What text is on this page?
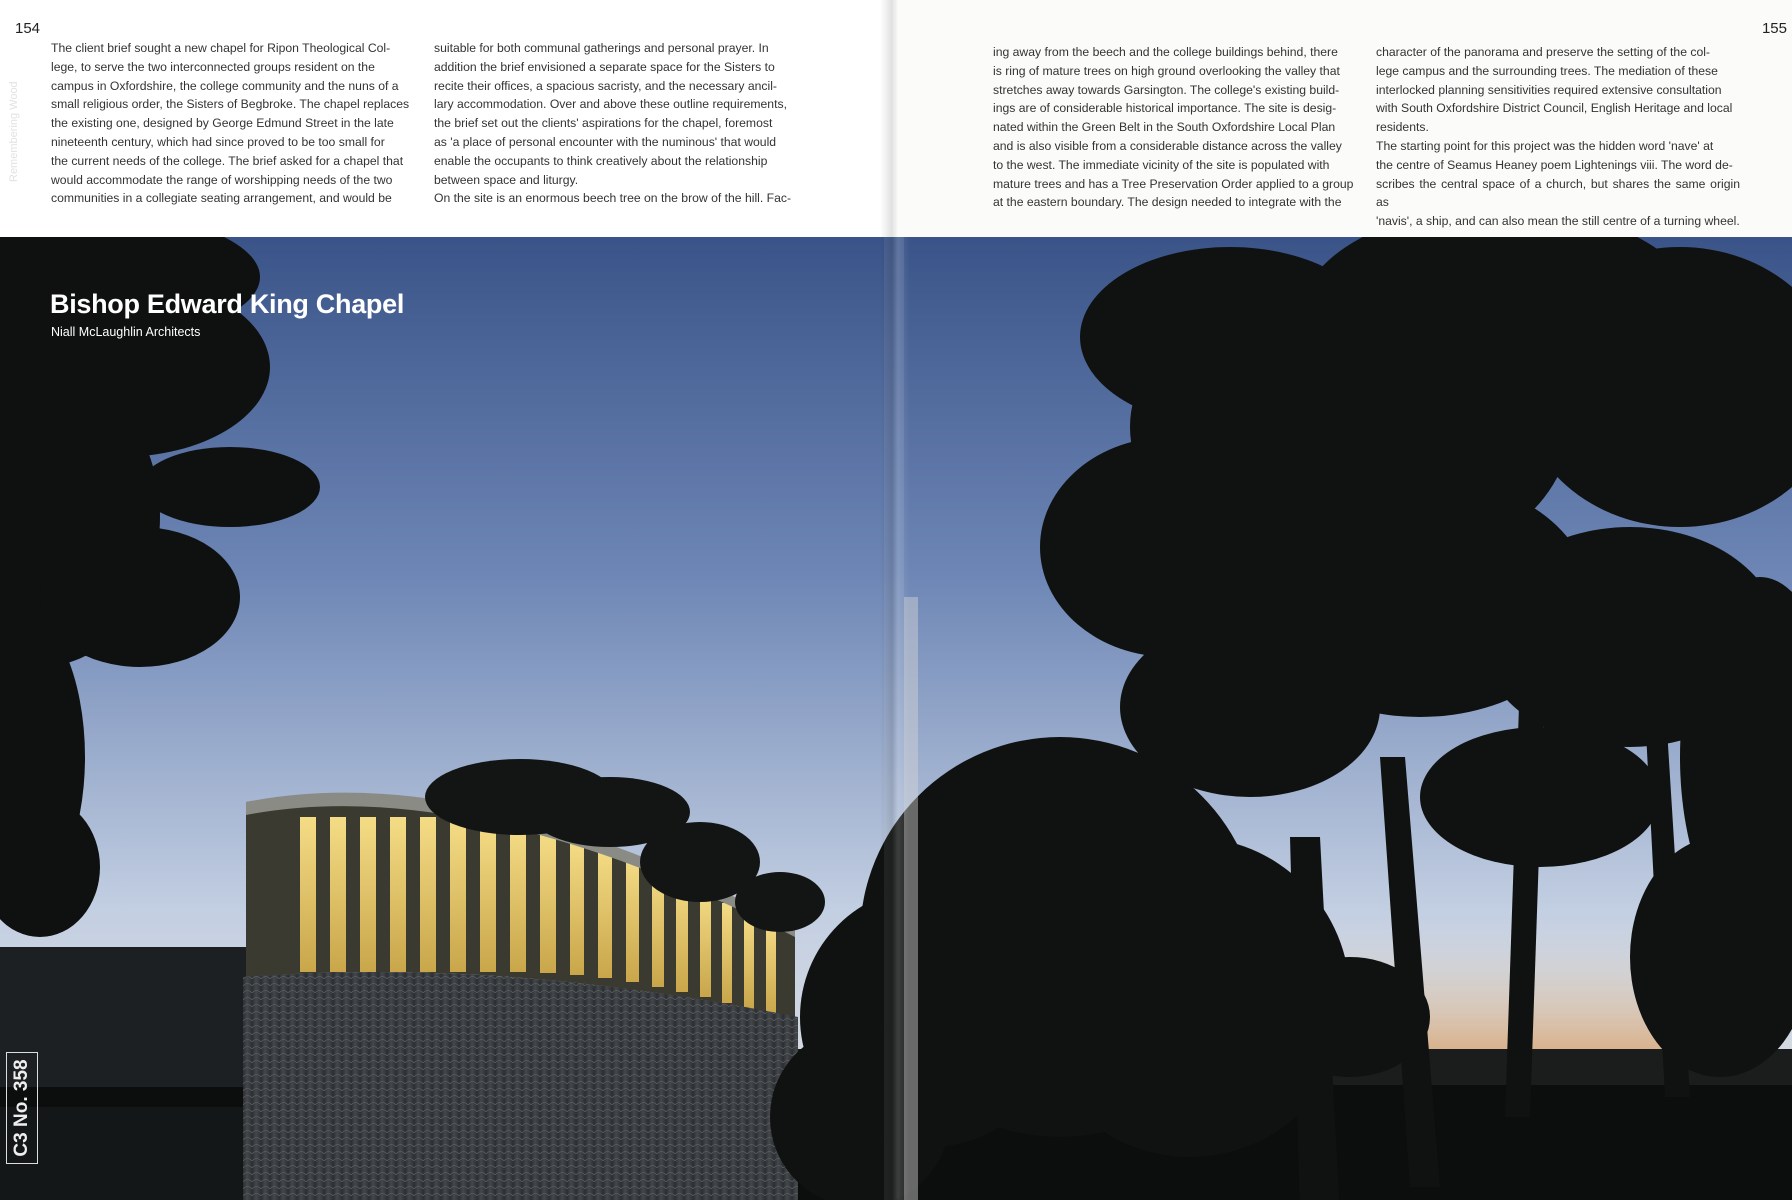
154
Remembering Wood

The client brief sought a new chapel for Ripon Theological Col-

lege, to serve the two interconnected groups resident on the

campus in Oxfordshire, the college community and the nuns of a

small religious order, the Sisters of Begbroke. The chapel replaces

the existing one, designed by George Edmund Street in the late

nineteenth century, which had since proved to be too small for

the current needs of the college. The brief asked for a chapel that

would accommodate the range of worshipping needs of the two

communities in a collegiate seating arrangement, and would be

suitable for both communal gatherings and personal prayer. In

addition the brief envisioned a separate space for the Sisters to

recite their offices, a spacious sacristy, and the necessary ancil-

lary accommodation. Over and above these outline requirements,

the brief set out the clients' aspirations for the chapel, foremost

as 'a place of personal encounter with the numinous' that would

enable the occupants to think creatively about the relationship

between space and liturgy.

On the site is an enormous beech tree on the brow of the hill. Fac-

155

ing away from the beech and the college buildings behind, there

is ring of mature trees on high ground overlooking the valley that

stretches away towards Garsington. The college's existing build-

ings are of considerable historical importance. The site is desig-

nated within the Green Belt in the South Oxfordshire Local Plan

and is also visible from a considerable distance across the valley

to the west. The immediate vicinity of the site is populated with

mature trees and has a Tree Preservation Order applied to a group

at the eastern boundary. The design needed to integrate with the

character of the panorama and preserve the setting of the col-

lege campus and the surrounding trees. The mediation of these

interlocked planning sensitivities required extensive consultation

with South Oxfordshire District Council, English Heritage and local

residents.

The starting point for this project was the hidden word 'nave' at

the centre of Seamus Heaney poem Lightenings viii. The word de-

scribes the central space of a church, but shares the same origin as

'navis', a ship, and can also mean the still centre of a turning wheel.

Bishop Edward King Chapel
Niall McLaughlin Architects
C3 No. 358
